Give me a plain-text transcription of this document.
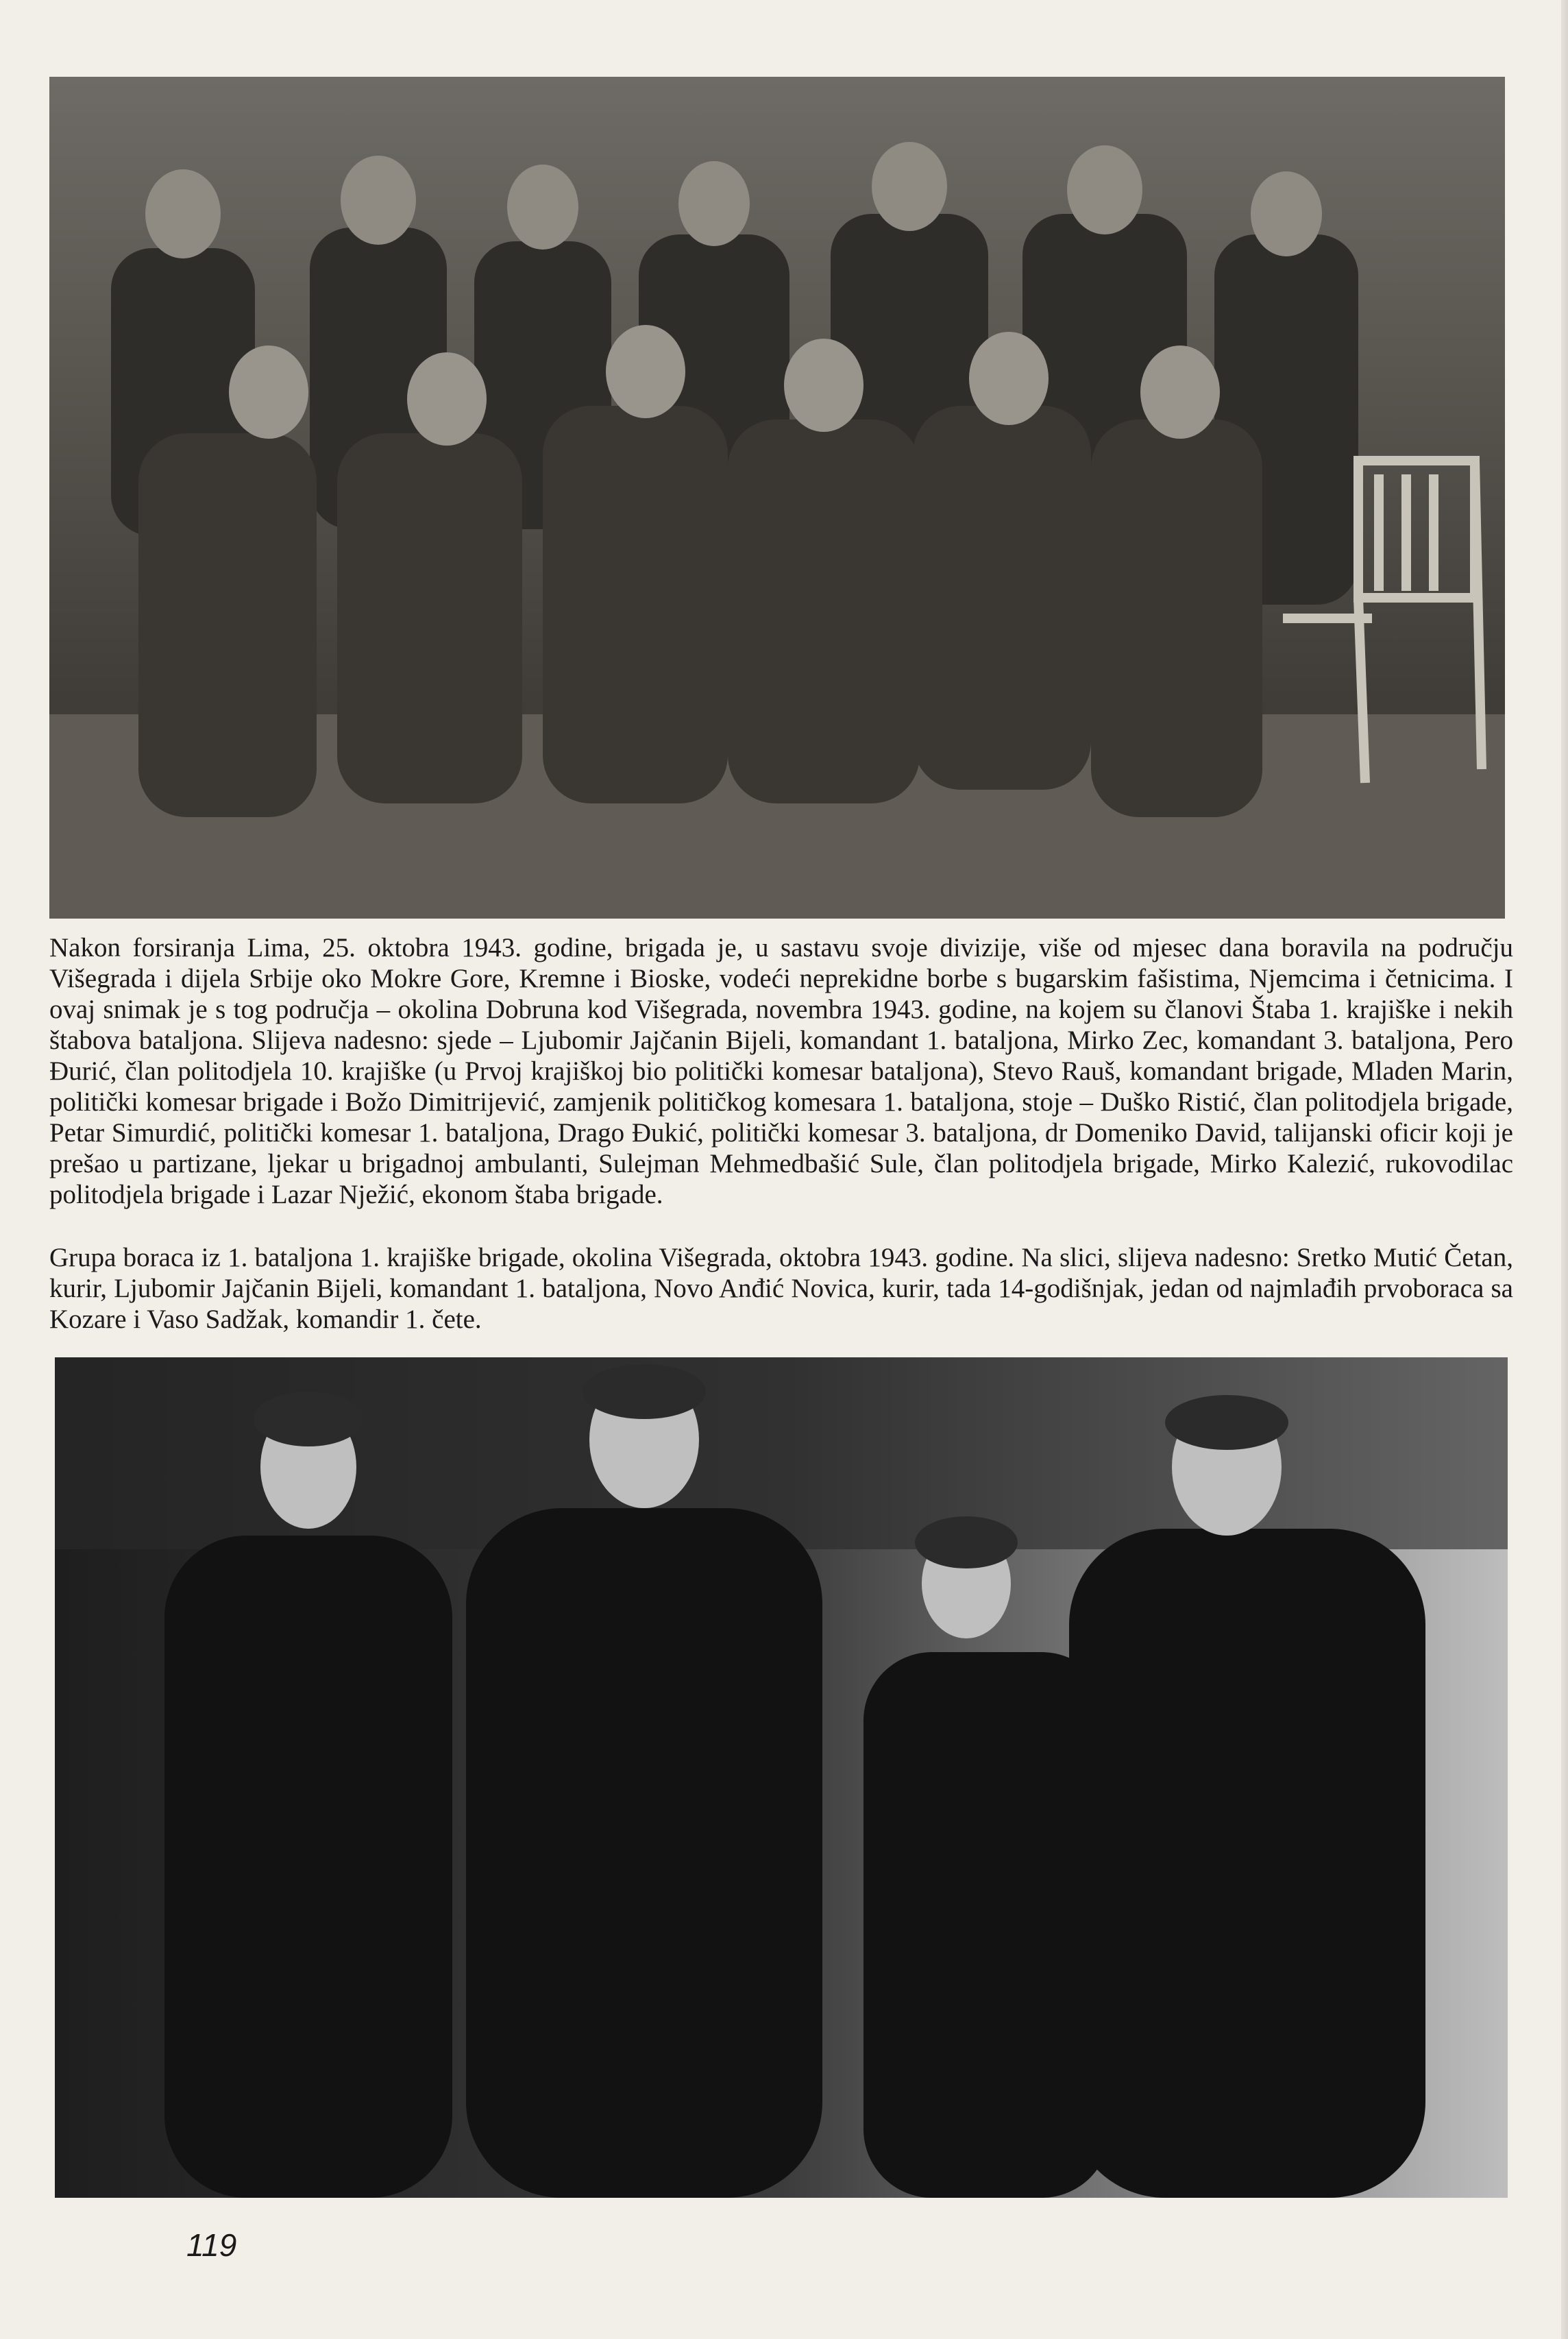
Nakon forsiranja Lima, 25. oktobra 1943. godine, brigada je, u sastavu svoje divizije, više od mjesec dana boravila na području Višegrada i dijela Srbije oko Mokre Gore, Kremne i Bioske, vodeći neprekidne borbe s bugarskim fašistima, Njemcima i četnicima. I ovaj snimak je s tog područja – okolina Dobruna kod Višegrada, novembra 1943. godine, na kojem su članovi Štaba 1. krajiške i nekih štabova bataljona. Slijeva nadesno: sjede – Ljubomir Jajčanin Bijeli, komandant 1. bataljona, Mirko Zec, komandant 3. bataljona, Pero Đurić, član politodjela 10. krajiške (u Prvoj krajiškoj bio politički komesar bataljona), Stevo Rauš, komandant brigade, Mladen Marin, politički komesar brigade i Božo Dimitrijević, zamjenik političkog komesara 1. bataljona, stoje – Duško Ristić, član politodjela brigade, Petar Simurdić, politički komesar 1. bataljona, Drago Đukić, politički komesar 3. bataljona, dr Domeniko David, talijanski oficir koji je prešao u partizane, ljekar u brigadnoj ambulanti, Sulejman Mehmedbašić Sule, član politodjela brigade, Mirko Kalezić, rukovodilac politodjela brigade i Lazar Nježić, ekonom štaba brigade.

Grupa boraca iz 1. bataljona 1. krajiške brigade, okolina Višegrada, oktobra 1943. godine. Na slici, slijeva nadesno: Sretko Mutić Četan, kurir, Ljubomir Jajčanin Bijeli, komandant 1. bataljona, Novo Anđić Novica, kurir, tada 14-godišnjak, jedan od najmlađih prvoboraca sa Kozare i Vaso Sadžak, komandir 1. čete.

119
